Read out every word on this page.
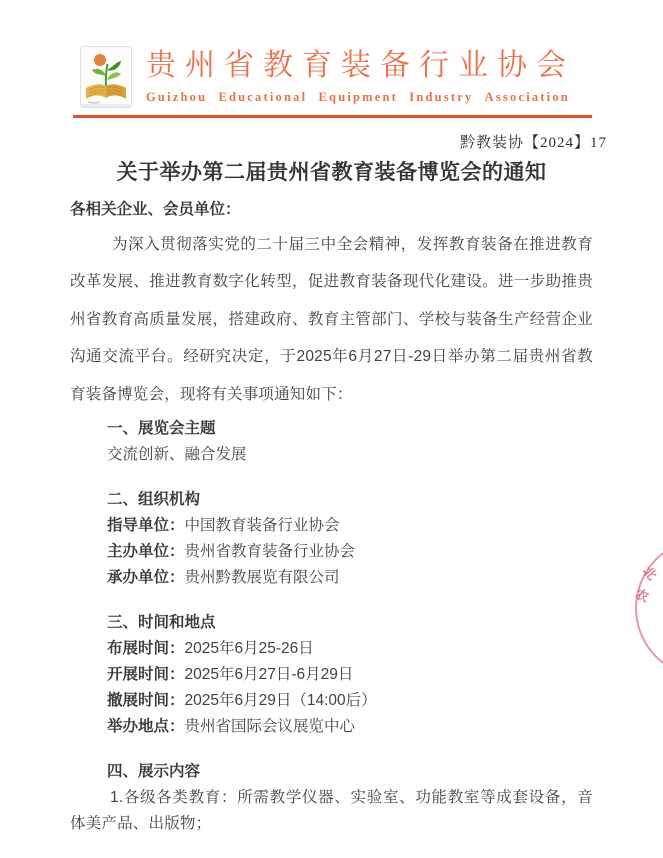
贵州省教育装备行业协会
Guizhou Educational Equipment Industry Association
黔教装协【2024】17
关于举办第二届贵州省教育装备博览会的通知
各相关企业、会员单位：
为深入贯彻落实党的二十届三中全会精神，发挥教育装备在推进教育改革发展、推进教育数字化转型，促进教育装备现代化建设。进一步助推贵州省教育高质量发展，搭建政府、教育主管部门、学校与装备生产经营企业沟通交流平台。经研究决定，于2025年6月27日-29日举办第二届贵州省教育装备博览会，现将有关事项通知如下：
一、展览会主题
交流创新、融合发展
二、组织机构
指导单位：中国教育装备行业协会
主办单位：贵州省教育装备行业协会
承办单位：贵州黔教展览有限公司
三、时间和地点
布展时间：2025年6月25-26日
开展时间：2025年6月27日-6月29日
撤展时间：2025年6月29日（14:00后）
举办地点：贵州省国际会议展览中心
四、展示内容
1.各级各类教育：所需教学仪器、实验室、功能教室等成套设备，音体美产品、出版物；
北
农
